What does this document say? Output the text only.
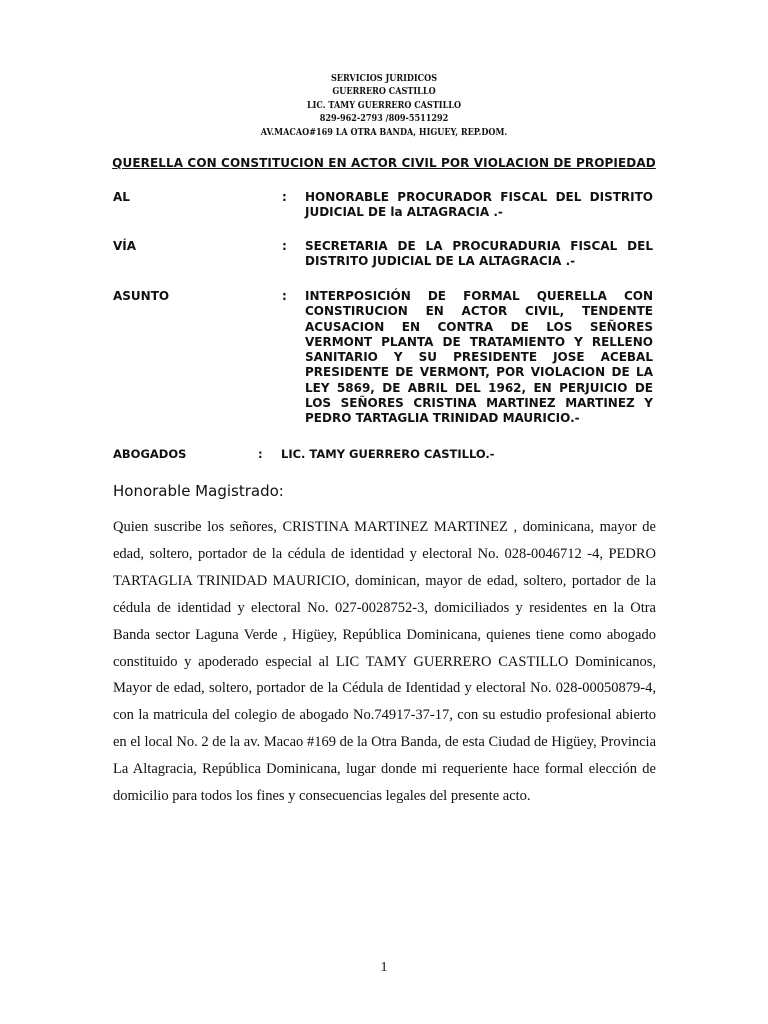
SERVICIOS JURIDICOS
GUERRERO CASTILLO
LIC. TAMY GUERRERO CASTILLO
829-962-2793 /809-5511292
AV.MACAO#169 LA OTRA BANDA, HIGUEY, REP.DOM.
QUERELLA CON CONSTITUCION EN ACTOR CIVIL POR VIOLACION DE PROPIEDAD
AL	: HONORABLE PROCURADOR FISCAL DEL DISTRITO JUDICIAL DE la ALTAGRACIA .-
VÍA	: SECRETARIA DE LA PROCURADURIA FISCAL DEL DISTRITO JUDICIAL DE LA ALTAGRACIA .-
ASUNTO	: INTERPOSICIÓN DE FORMAL QUERELLA CON CONSTIRUCION EN ACTOR CIVIL, TENDENTE ACUSACION EN CONTRA DE LOS SEÑORES VERMONT PLANTA DE TRATAMIENTO Y RELLENO SANITARIO Y SU PRESIDENTE JOSE ACEBAL PRESIDENTE DE VERMONT, POR VIOLACION DE LA LEY 5869, DE ABRIL DEL 1962, EN PERJUICIO DE LOS SEÑORES CRISTINA MARTINEZ MARTINEZ Y PEDRO TARTAGLIA TRINIDAD MAURICIO.-
ABOGADOS	: LIC. TAMY GUERRERO CASTILLO.-
Honorable Magistrado:

Quien suscribe los señores, CRISTINA MARTINEZ MARTINEZ , dominicana, mayor de edad, soltero, portador de la cédula de identidad y electoral No. 028-0046712 -4, PEDRO TARTAGLIA TRINIDAD MAURICIO, dominican, mayor de edad, soltero, portador de la cédula de identidad y electoral No. 027-0028752-3, domiciliados y residentes en la Otra Banda sector Laguna Verde , Higüey, República Dominicana, quienes tiene como abogado constituido y apoderado especial al LIC TAMY GUERRERO CASTILLO Dominicanos, Mayor de edad, soltero, portador de la Cédula de Identidad y electoral No. 028-00050879-4, con la matricula del colegio de abogado No.74917-37-17, con su estudio profesional abierto en el local No. 2 de la av. Macao #169 de la Otra Banda, de esta Ciudad de Higüey, Provincia La Altagracia, República Dominicana, lugar donde mi requeriente hace formal elección de domicilio para todos los fines y consecuencias legales del presente acto.

1
